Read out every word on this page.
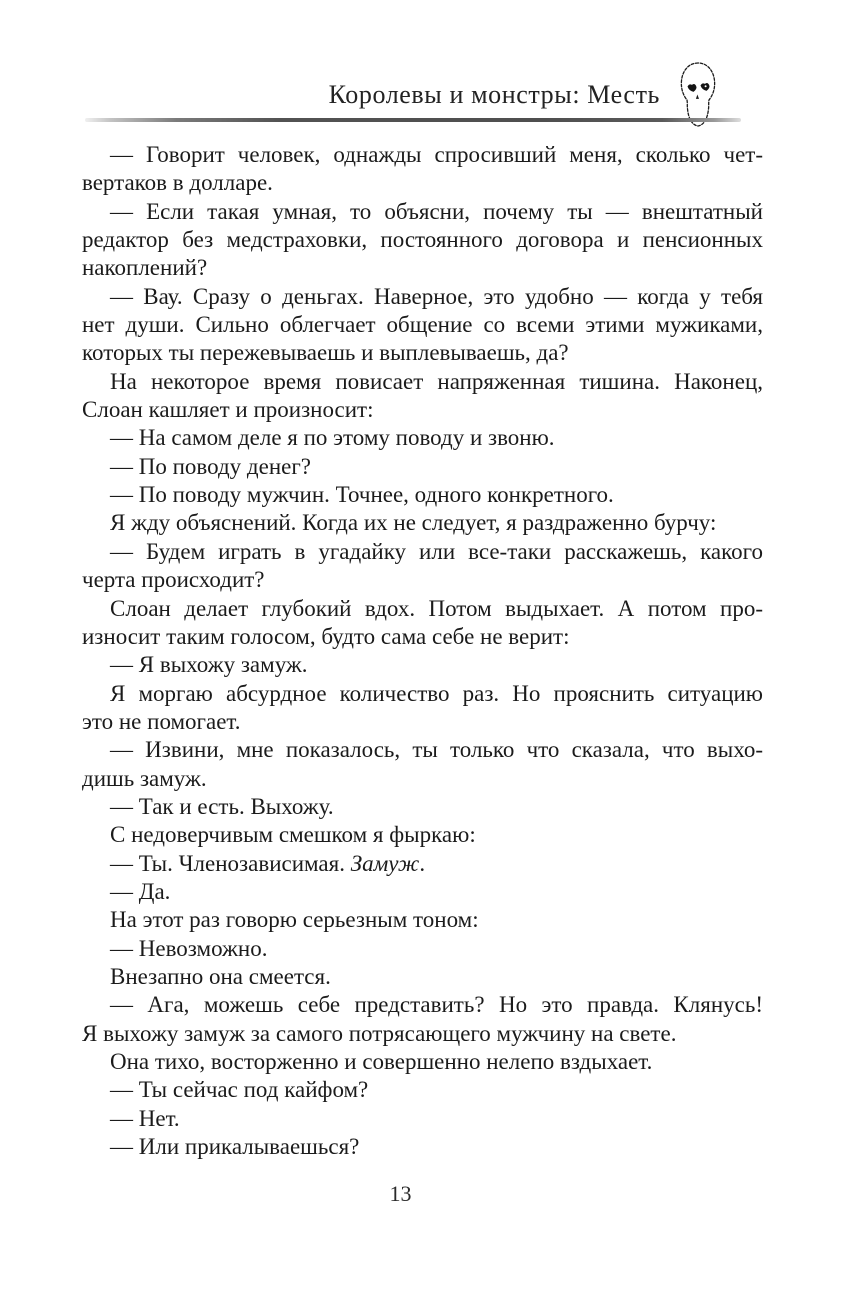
Королевы и монстры: Месть
— Говорит человек, однажды спросивший меня, сколько чет-
вертаков в долларе.
— Если такая умная, то объясни, почему ты — внештатный
редактор без медстраховки, постоянного договора и пенсионных
накоплений?
— Вау. Сразу о деньгах. Наверное, это удобно — когда у тебя
нет души. Сильно облегчает общение со всеми этими мужиками,
которых ты пережевываешь и выплевываешь, да?
На некоторое время повисает напряженная тишина. Наконец,
Слоан кашляет и произносит:
— На самом деле я по этому поводу и звоню.
— По поводу денег?
— По поводу мужчин. Точнее, одного конкретного.
Я жду объяснений. Когда их не следует, я раздраженно бурчу:
— Будем играть в угадайку или все-таки расскажешь, какого
черта происходит?
Слоан делает глубокий вдох. Потом выдыхает. А потом про-
износит таким голосом, будто сама себе не верит:
— Я выхожу замуж.
Я моргаю абсурдное количество раз. Но прояснить ситуацию
это не помогает.
— Извини, мне показалось, ты только что сказала, что выхо-
дишь замуж.
— Так и есть. Выхожу.
С недоверчивым смешком я фыркаю:
— Ты. Членозависимая. Замуж.
— Да.
На этот раз говорю серьезным тоном:
— Невозможно.
Внезапно она смеется.
— Ага, можешь себе представить? Но это правда. Клянусь!
Я выхожу замуж за самого потрясающего мужчину на свете.
Она тихо, восторженно и совершенно нелепо вздыхает.
— Ты сейчас под кайфом?
— Нет.
— Или прикалываешься?
13
